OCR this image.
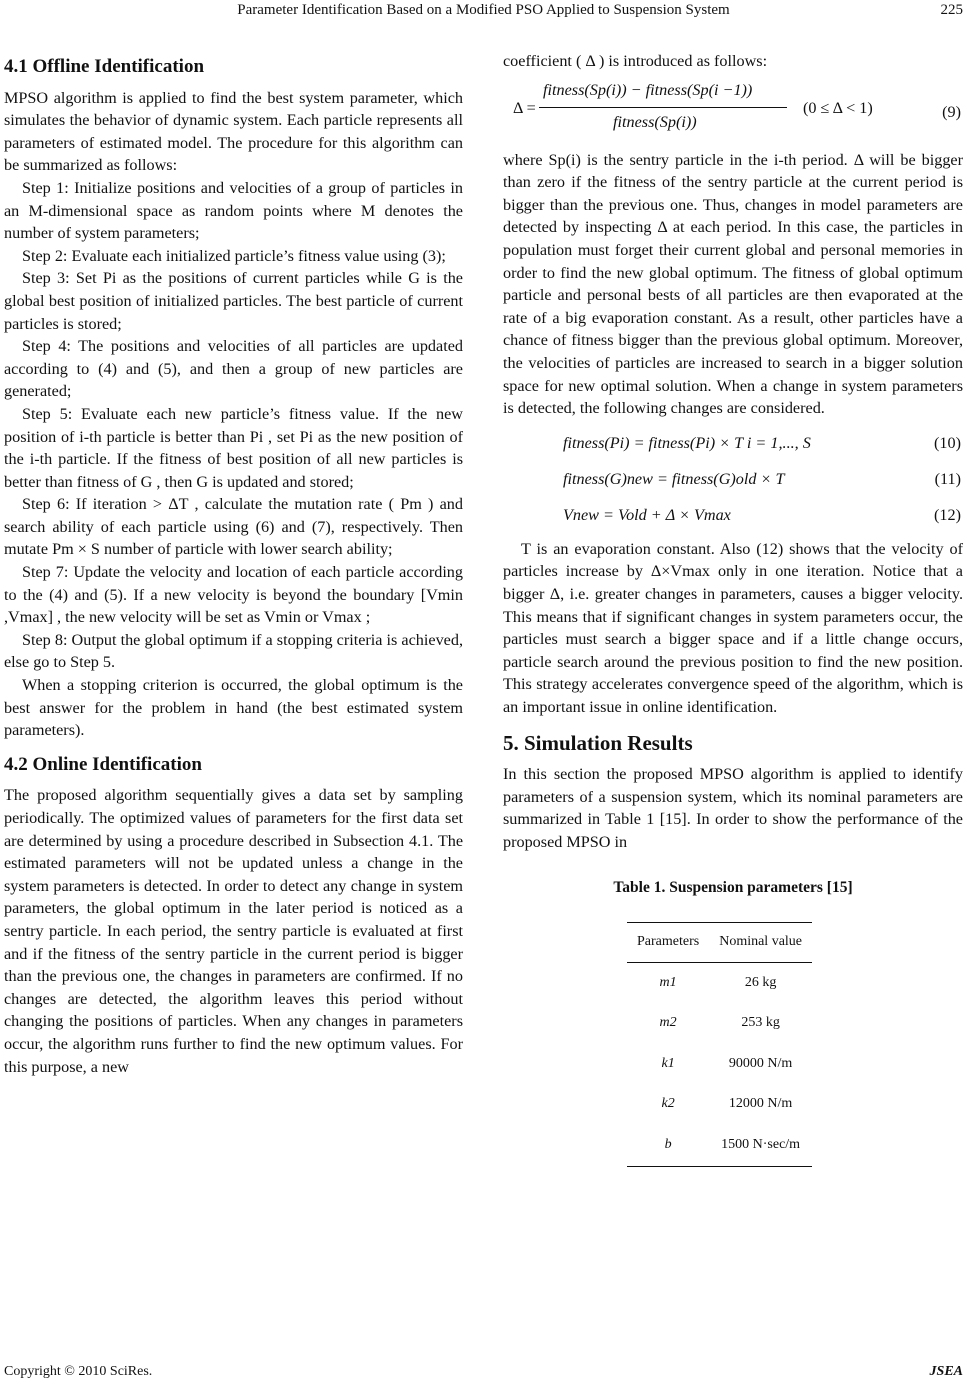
Parameter Identification Based on a Modified PSO Applied to Suspension System	225
4.1 Offline Identification

MPSO algorithm is applied to find the best system parameter, which simulates the behavior of dynamic system. Each particle represents all parameters of estimated model. The procedure for this algorithm can be summarized as follows:

Step 1: Initialize positions and velocities of a group of particles in an M-dimensional space as random points where M denotes the number of system parameters;

Step 2: Evaluate each initialized particle’s fitness value using (3);

Step 3: Set Pi as the positions of current particles while G is the global best position of initialized particles. The best particle of current particles is stored;

Step 4: The positions and velocities of all particles are updated according to (4) and (5), and then a group of new particles are generated;

Step 5: Evaluate each new particle’s fitness value. If the new position of i-th particle is better than Pi , set Pi as the new position of the i-th particle. If the fitness of best position of all new particles is better than fitness of G , then G is updated and stored;

Step 6: If iteration > ΔT , calculate the mutation rate ( Pm ) and search ability of each particle using (6) and (7), respectively. Then mutate Pm × S number of particle with lower search ability;

Step 7: Update the velocity and location of each particle according to the (4) and (5). If a new velocity is beyond the boundary [Vmin ,Vmax] , the new velocity will be set as Vmin or Vmax ;

Step 8: Output the global optimum if a stopping criteria is achieved, else go to Step 5.

When a stopping criterion is occurred, the global optimum is the best answer for the problem in hand (the best estimated system parameters).

4.2 Online Identification

The proposed algorithm sequentially gives a data set by sampling periodically. The optimized values of parameters for the first data set are determined by using a procedure described in Subsection 4.1. The estimated parameters will not be updated unless a change in the system parameters is detected. In order to detect any change in system parameters, the global optimum in the later period is noticed as a sentry particle. In each period, the sentry particle is evaluated at first and if the fitness of the sentry particle in the current period is bigger than the previous one, the changes in parameters are confirmed. If no changes are detected, the algorithm leaves this period without changing the positions of particles. When any changes in parameters occur, the algorithm runs further to find the new optimum values. For this purpose, a new

coefficient ( Δ ) is introduced as follows:

Δ =
fitness(Sp(i)) − fitness(Sp(i −1))
fitness(Sp(i))
(0 ≤ Δ < 1)	(9)

where Sp(i) is the sentry particle in the i-th period. Δ will be bigger than zero if the fitness of the sentry particle at the current period is bigger than the previous one. Thus, changes in model parameters are detected by inspecting Δ at each period. In this case, the particles in population must forget their current global and personal memories in order to find the new global optimum. The fitness of global optimum particle and personal bests of all particles are then evaporated at the rate of a big evaporation constant. As a result, other particles have a chance of fitness bigger than the previous global optimum. Moreover, the velocities of particles are increased to search in a bigger solution space for new optimal solution. When a change in system parameters is detected, the following changes are considered.

fitness(Pi) = fitness(Pi) × T i = 1,..., S	(10)
fitness(G)new = fitness(G)old × T	(11)
Vnew = Vold + Δ × Vmax	(12)

T is an evaporation constant. Also (12) shows that the velocity of particles increase by Δ×Vmax only in one iteration. Notice that a bigger Δ, i.e. greater changes in parameters, causes a bigger velocity. This means that if significant changes in system parameters occur, the particles must search a bigger space and if a little change occurs, particle search around the previous position to find the new position. This strategy accelerates convergence speed of the algorithm, which is an important issue in online identification.

5. Simulation Results

In this section the proposed MPSO algorithm is applied to identify parameters of a suspension system, which its nominal parameters are summarized in Table 1 [15]. In order to show the performance of the proposed MPSO in

Table 1. Suspension parameters [15]
Parameters	Nominal value
m1	26 kg
m2	253 kg
k1	90000 N/m
k2	12000 N/m
b	1500 N·sec/m
Copyright © 2010 SciRes.	JSEA
